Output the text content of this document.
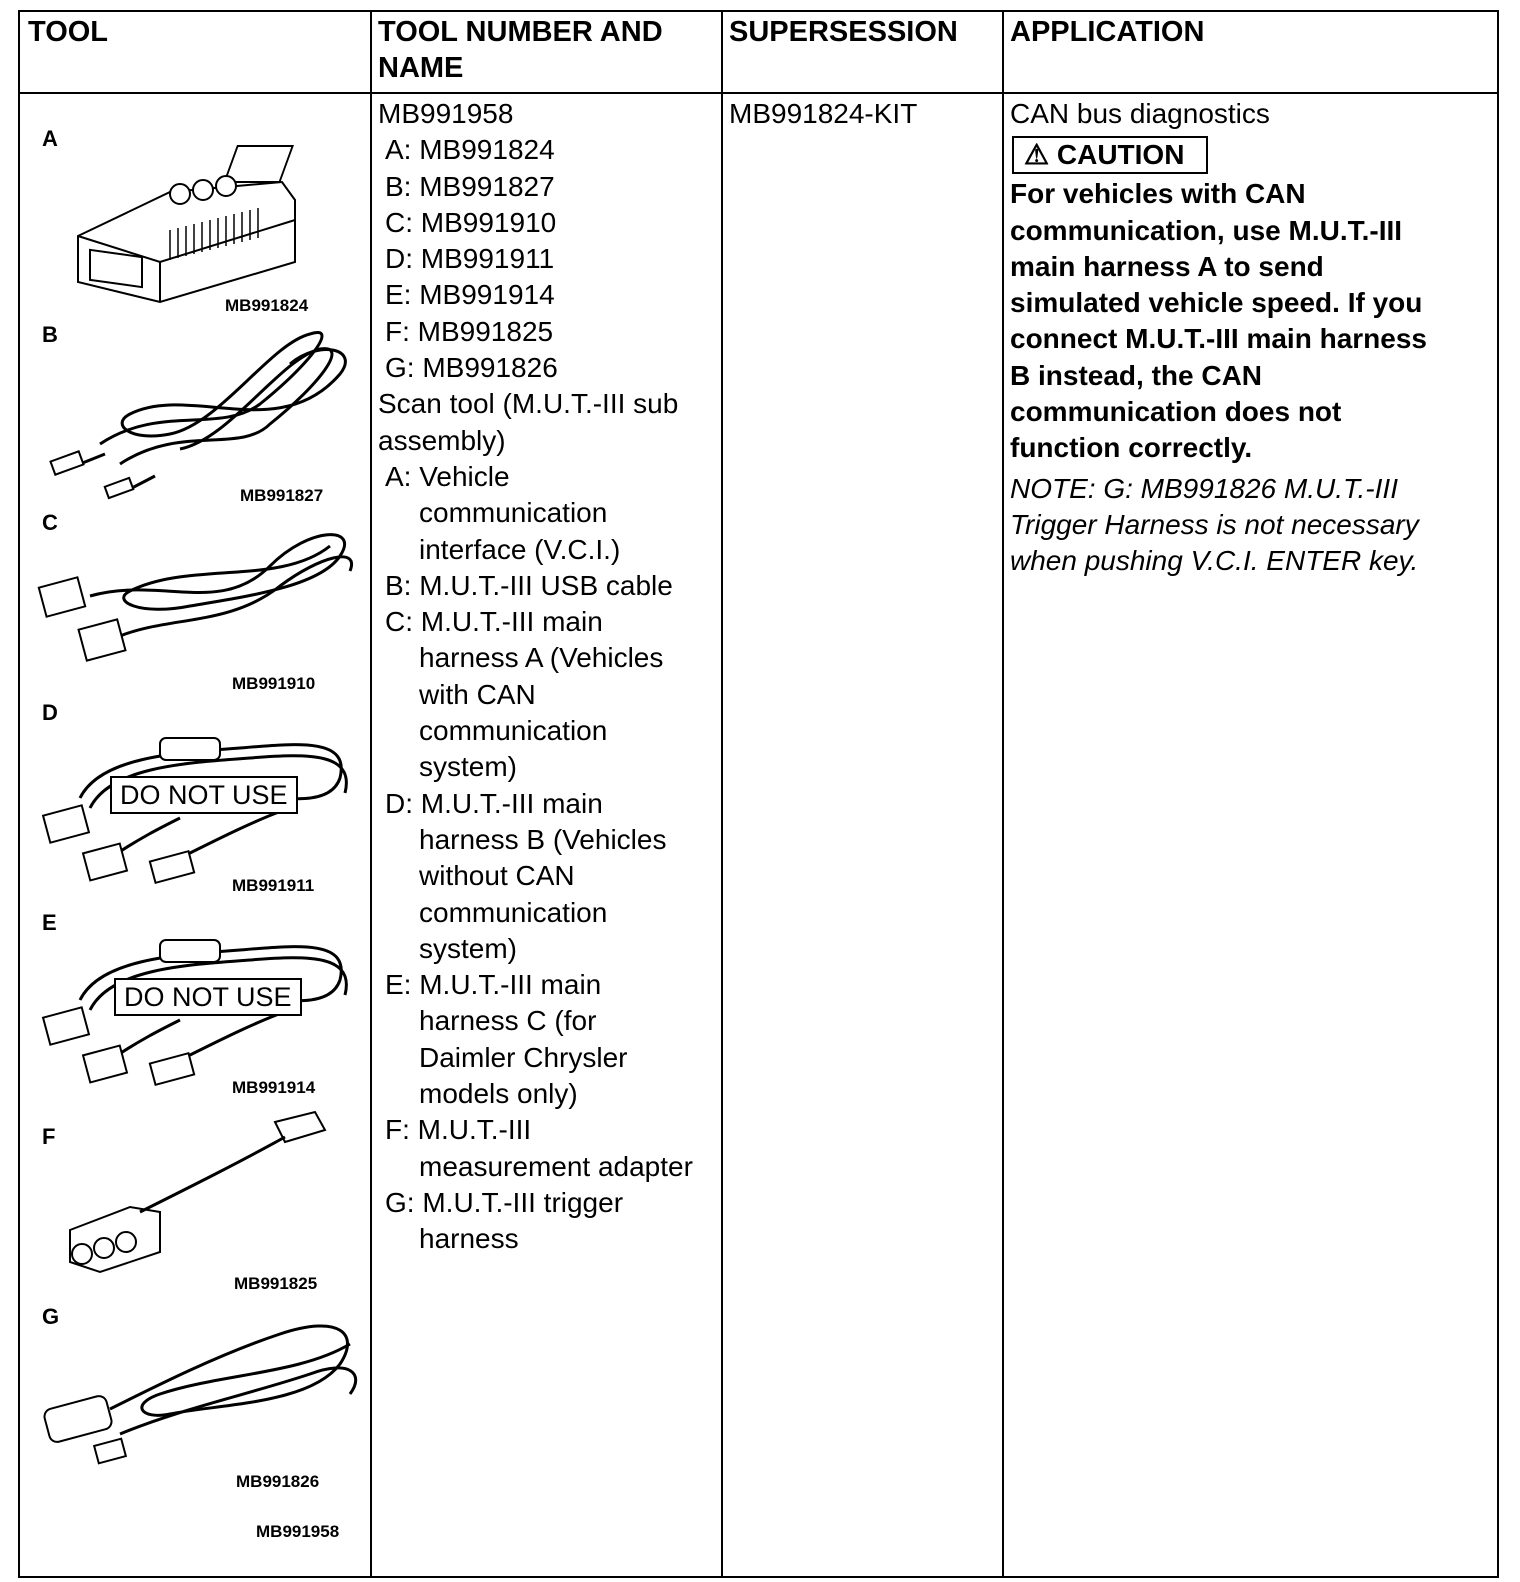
TOOL	TOOL NUMBER AND
NAME
SUPERSESSION APPLICATION
A
MB991824
B
MB991827
C
MB991910
D
DO NOT USE
MB991911
E
DO NOT USE
MB991914
F
MB991825
G
MB991826
MB991958
MB991958
A: MB991824
B: MB991827
C: MB991910
D: MB991911
E: MB991914
F: MB991825
G: MB991826
Scan tool (M.U.T.-III sub
assembly)
A: Vehicle
communication
interface (V.C.I.)
B: M.U.T.-III USB cable
C: M.U.T.-III main
harness A (Vehicles
with CAN
communication
system)
D: M.U.T.-III main
harness B (Vehicles
without CAN
communication
system)
E: M.U.T.-III main
harness C (for
Daimler Chrysler
models only)
F: M.U.T.-III
measurement adapter
G: M.U.T.-III trigger
harness
MB991824-KIT	CAN bus diagnostics
⚠ CAUTION
For vehicles with CAN
communication, use M.U.T.-III
main harness A to send
simulated vehicle speed. If you
connect M.U.T.-III main harness
B instead, the CAN
communication does not
function correctly.
NOTE: G: MB991826 M.U.T.-III
Trigger Harness is not necessary
when pushing V.C.I. ENTER key.
